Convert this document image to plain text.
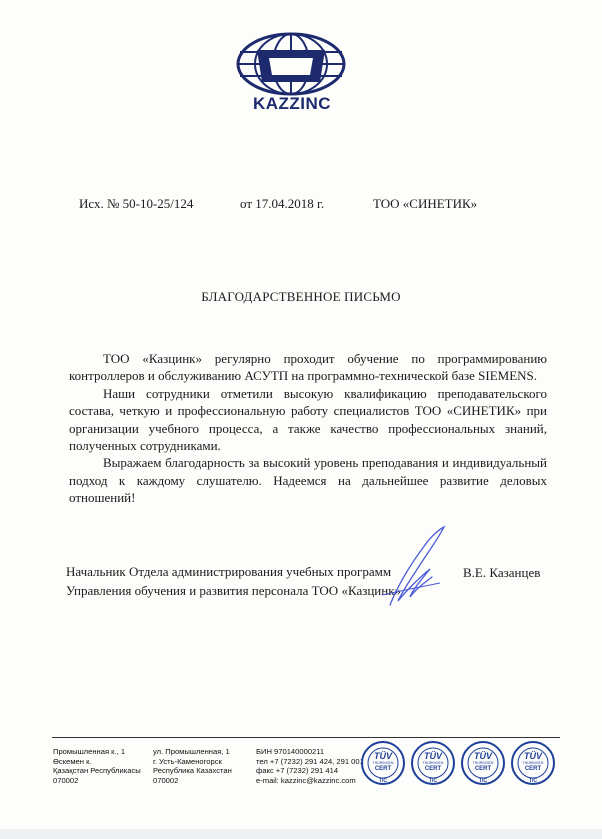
KAZZINC
Исх. № 50-10-25/124	от 17.04.2018 г.	ТОО «СИНЕТИК»
БЛАГОДАРСТВЕННОЕ ПИСЬМО

ТОО «Казцинк» регулярно проходит обучение по программированию контроллеров и обслуживанию АСУТП на программно-технической базе SIEMENS.

Наши сотрудники отметили высокую квалификацию преподавательского состава, четкую и профессиональную работу специалистов ТОО «СИНЕТИК» при организации учебного процесса, а также качество профессиональных знаний, полученных сотрудниками.

Выражаем благодарность за высокий уровень преподавания и индивидуальный подход к каждому слушателю. Надеемся на дальнейшее развитие деловых отношений!

Начальник Отдела администрирования учебных программ
Управления обучения и развития персонала ТОО «Казцинк»
В.Е. Казанцев
Промышленная к., 1
Өскемен к.
Қазақстан Республикасы
070002
ул. Промышленная, 1
г. Усть-Каменогорск
Республика Казахстан
070002
БИН 970140000211
тел +7 (7232) 291 424, 291 001
факс +7 (7232) 291 414
e-mail: kazzinc@kazzinc.com
TÜV
THÜRINGEN
CERT
TIC
TÜV
THÜRINGEN
CERT
TIC
TÜV
THÜRINGEN
CERT
TIC
TÜV
THÜRINGEN
CERT
TIC
